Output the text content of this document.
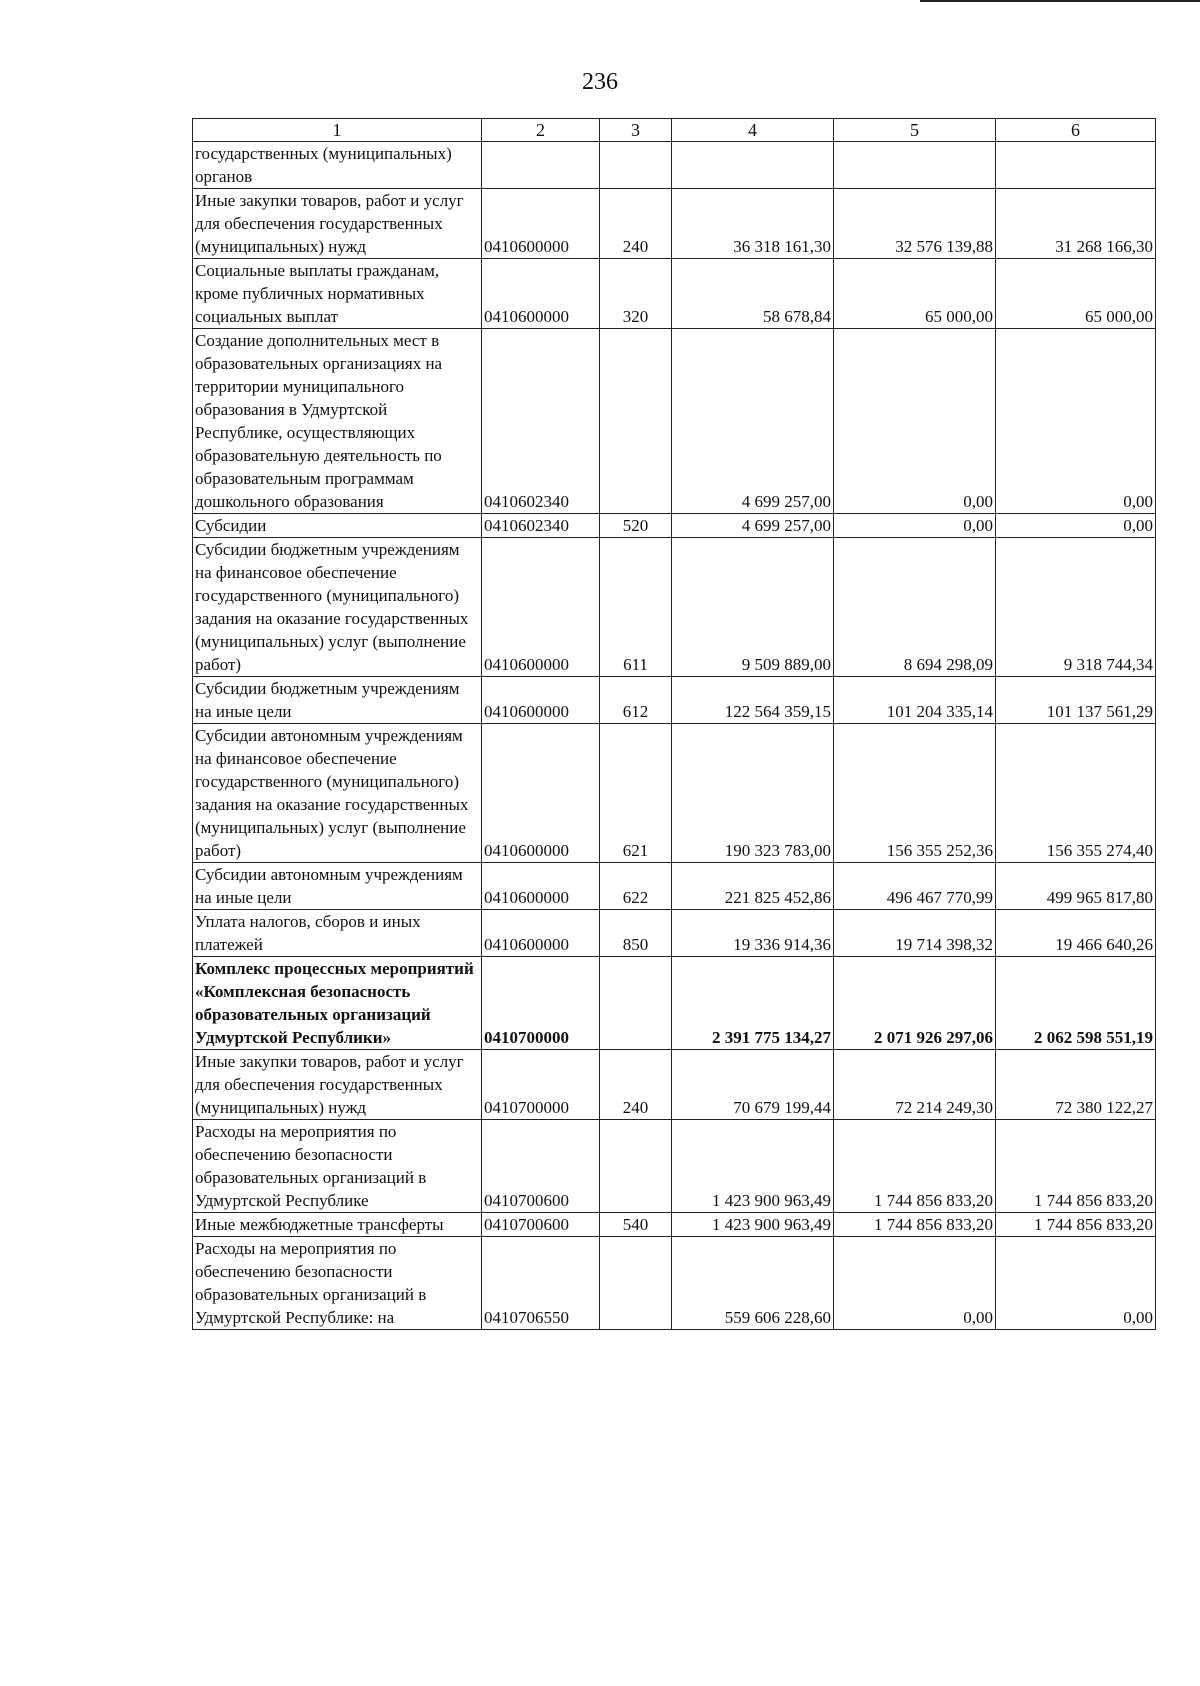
236
1	2	3	4	5	6
государственных (муниципальных) органов					
Иные закупки товаров, работ и услуг для обеспечения государственных (муниципальных) нужд	0410600000	240	36 318 161,30	32 576 139,88	31 268 166,30
Социальные выплаты гражданам, кроме публичных нормативных социальных выплат	0410600000	320	58 678,84	65 000,00	65 000,00
Создание дополнительных мест в образовательных организациях на территории муниципального образования в Удмуртской Республике, осуществляющих образовательную деятельность по образовательным программам дошкольного образования	0410602340		4 699 257,00	0,00	0,00
Субсидии	0410602340	520	4 699 257,00	0,00	0,00
Субсидии бюджетным учреждениям на финансовое обеспечение государственного (муниципального) задания на оказание государственных (муниципальных) услуг (выполнение работ)	0410600000	611	9 509 889,00	8 694 298,09	9 318 744,34
Субсидии бюджетным учреждениям на иные цели	0410600000	612	122 564 359,15	101 204 335,14	101 137 561,29
Субсидии автономным учреждениям на финансовое обеспечение государственного (муниципального) задания на оказание государственных (муниципальных) услуг (выполнение работ)	0410600000	621	190 323 783,00	156 355 252,36	156 355 274,40
Субсидии автономным учреждениям на иные цели	0410600000	622	221 825 452,86	496 467 770,99	499 965 817,80
Уплата налогов, сборов и иных платежей	0410600000	850	19 336 914,36	19 714 398,32	19 466 640,26
Комплекс процессных мероприятий «Комплексная безопасность образовательных организаций Удмуртской Республики»	0410700000		2 391 775 134,27	2 071 926 297,06	2 062 598 551,19
Иные закупки товаров, работ и услуг для обеспечения государственных (муниципальных) нужд	0410700000	240	70 679 199,44	72 214 249,30	72 380 122,27
Расходы на мероприятия по обеспечению безопасности образовательных организаций в Удмуртской Республике	0410700600		1 423 900 963,49	1 744 856 833,20	1 744 856 833,20
Иные межбюджетные трансферты	0410700600	540	1 423 900 963,49	1 744 856 833,20	1 744 856 833,20
Расходы на мероприятия по обеспечению безопасности образовательных организаций в Удмуртской Республике: на	0410706550		559 606 228,60	0,00	0,00
